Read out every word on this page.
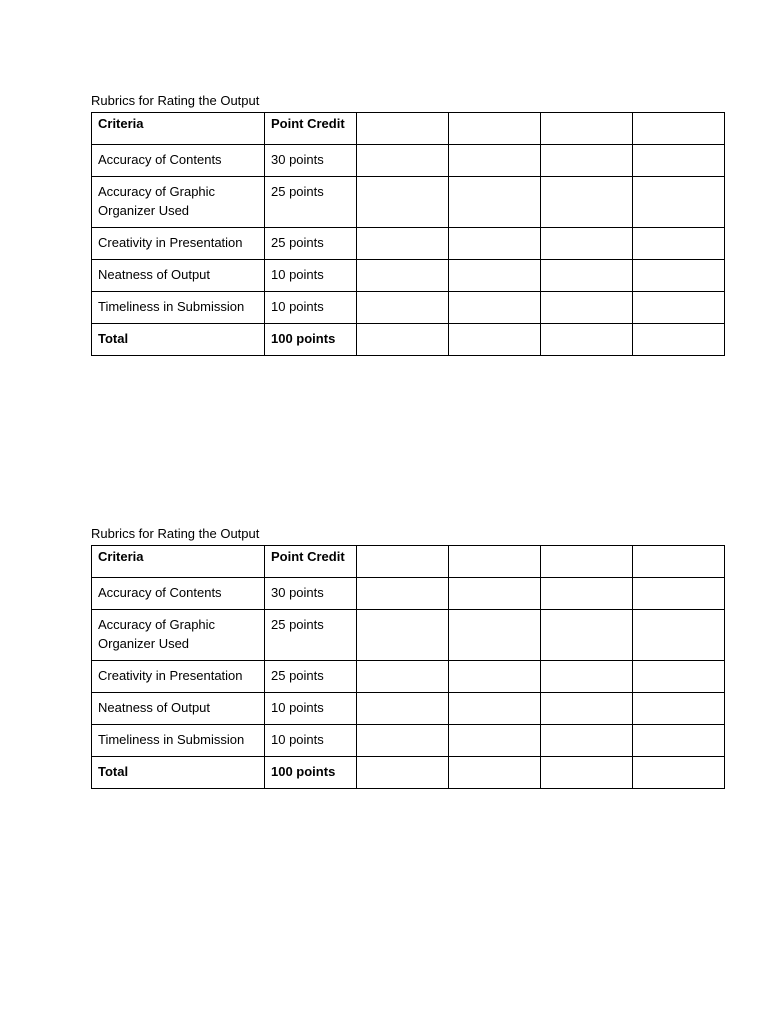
Rubrics for Rating the Output
Criteria	Point Credit				
Accuracy of Contents	30 points				
Accuracy of Graphic Organizer Used	25 points				
Creativity in Presentation	25 points				
Neatness of Output	10 points				
Timeliness in Submission	10 points				
Total	100 points				
Rubrics for Rating the Output
Criteria	Point Credit				
Accuracy of Contents	30 points				
Accuracy of Graphic Organizer Used	25 points				
Creativity in Presentation	25 points				
Neatness of Output	10 points				
Timeliness in Submission	10 points				
Total	100 points				
